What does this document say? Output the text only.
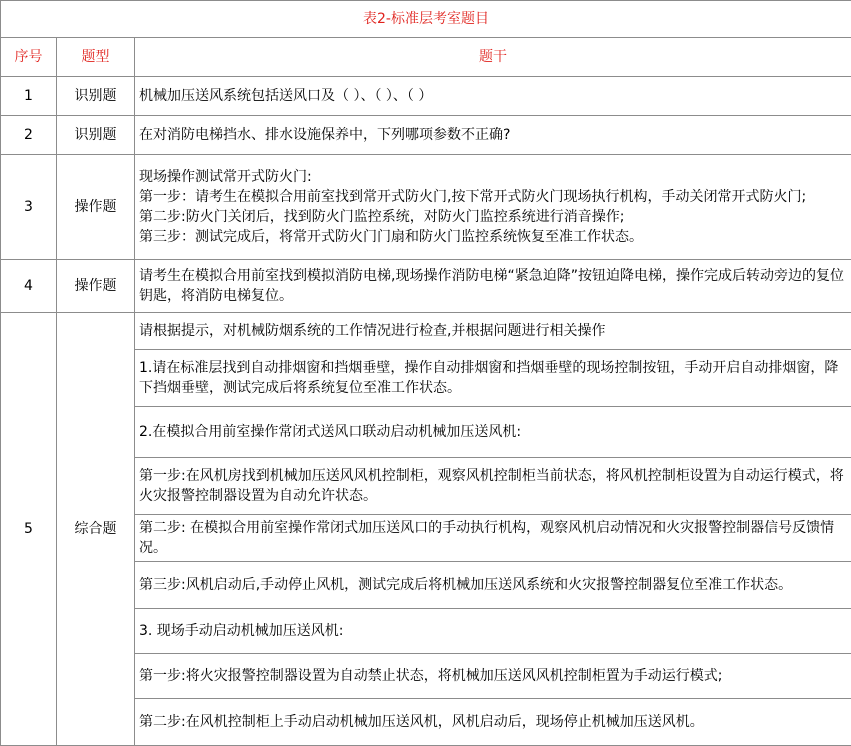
表2-标准层考室题目		
序号	题型	题干
1	识别题	机械加压送风系统包括送风口及（ ）、（ ）、（ ）
2	识别题	在对消防电梯挡水、排水设施保养中，下列哪项参数不正确?
3	操作题	现场操作测试常开式防火门:
第一步：请考生在模拟合用前室找到常开式防火门,按下常开式防火门现场执行机构，手动关闭常开式防火门;
第二步:防火门关闭后，找到防火门监控系统，对防火门监控系统进行消音操作;
第三步：测试完成后，将常开式防火门门扇和防火门监控系统恢复至准工作状态。

4	操作题	请考生在模拟合用前室找到模拟消防电梯,现场操作消防电梯“紧急迫降”按钮迫降电梯，操作完成后转动旁边的复位钥匙，将消防电梯复位。
5	综合题	请根据提示，对机械防烟系统的工作情况进行检查,并根据问题进行相关操作
		1.请在标准层找到自动排烟窗和挡烟垂壁，操作自动排烟窗和挡烟垂壁的现场控制按钮，手动开启自动排烟窗，降下挡烟垂壁，测试完成后将系统复位至准工作状态。
		2.在模拟合用前室操作常闭式送风口联动启动机械加压送风机:
		第一步:在风机房找到机械加压送风风机控制柜，观察风机控制柜当前状态，将风机控制柜设置为自动运行模式，将火灾报警控制器设置为自动允许状态。
		第二步: 在模拟合用前室操作常闭式加压送风口的手动执行机构，观察风机启动情况和火灾报警控制器信号反馈情况。
		第三步:风机启动后,手动停止风机，测试完成后将机械加压送风系统和火灾报警控制器复位至准工作状态。
		3. 现场手动启动机械加压送风机:
		第一步:将火灾报警控制器设置为自动禁止状态，将机械加压送风风机控制柜置为手动运行模式;
		第二步:在风机控制柜上手动启动机械加压送风机，风机启动后，现场停止机械加压送风机。
